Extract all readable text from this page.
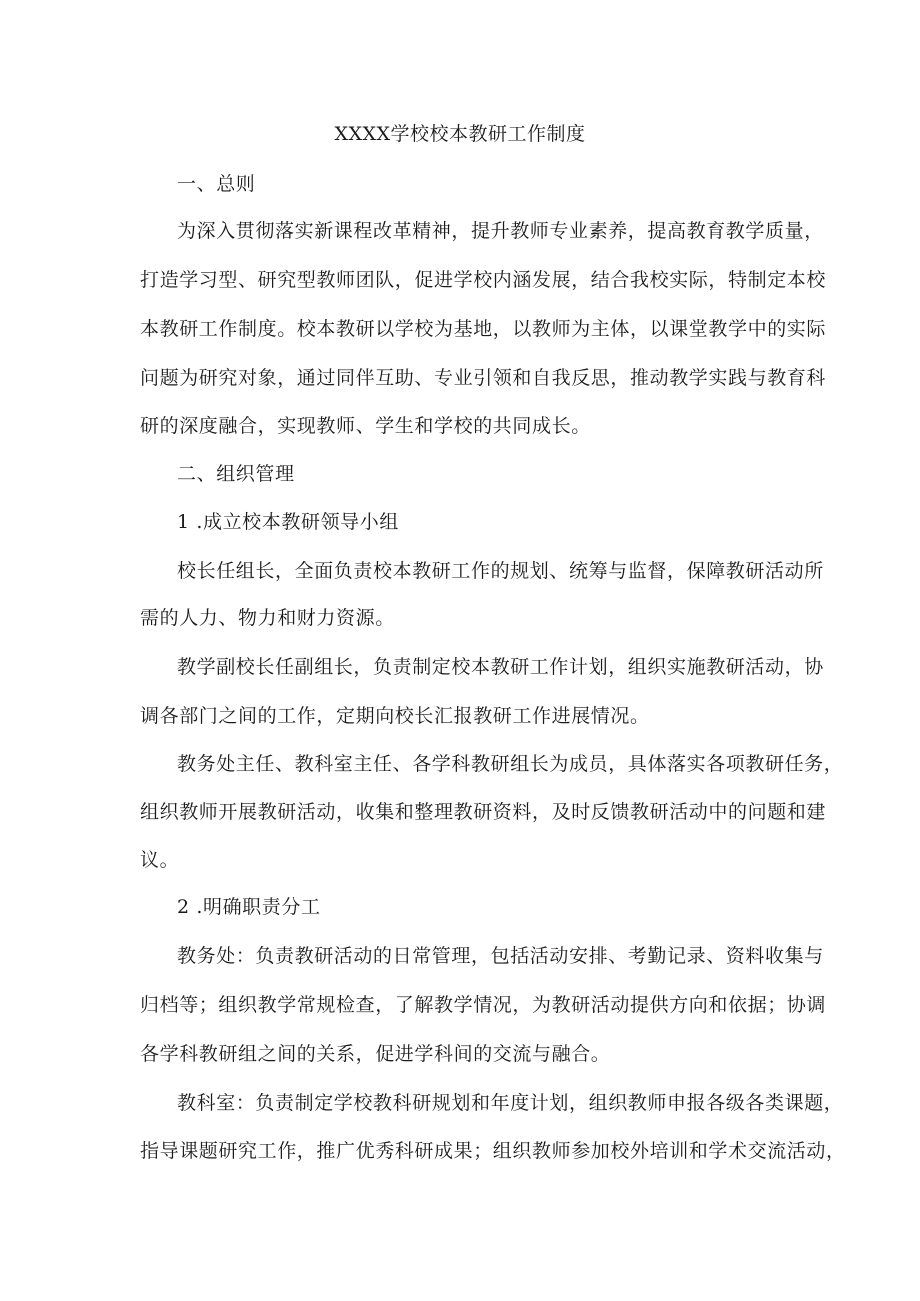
XXXX学校校本教研工作制度
一、总则
为深入贯彻落实新课程改革精神，提升教师专业素养，提高教育教学质量，
打造学习型、研究型教师团队，促进学校内涵发展，结合我校实际，特制定本校
本教研工作制度。校本教研以学校为基地，以教师为主体，以课堂教学中的实际
问题为研究对象，通过同伴互助、专业引领和自我反思，推动教学实践与教育科
研的深度融合，实现教师、学生和学校的共同成长。
二、组织管理
1 .成立校本教研领导小组
校长任组长，全面负责校本教研工作的规划、统筹与监督，保障教研活动所
需的人力、物力和财力资源。
教学副校长任副组长，负责制定校本教研工作计划，组织实施教研活动，协
调各部门之间的工作，定期向校长汇报教研工作进展情况。
教务处主任、教科室主任、各学科教研组长为成员，具体落实各项教研任务，
组织教师开展教研活动，收集和整理教研资料，及时反馈教研活动中的问题和建
议。
2 .明确职责分工
教务处：负责教研活动的日常管理，包括活动安排、考勤记录、资料收集与
归档等；组织教学常规检查，了解教学情况，为教研活动提供方向和依据；协调
各学科教研组之间的关系，促进学科间的交流与融合。
教科室：负责制定学校教科研规划和年度计划，组织教师申报各级各类课题，
指导课题研究工作，推广优秀科研成果；组织教师参加校外培训和学术交流活动，
